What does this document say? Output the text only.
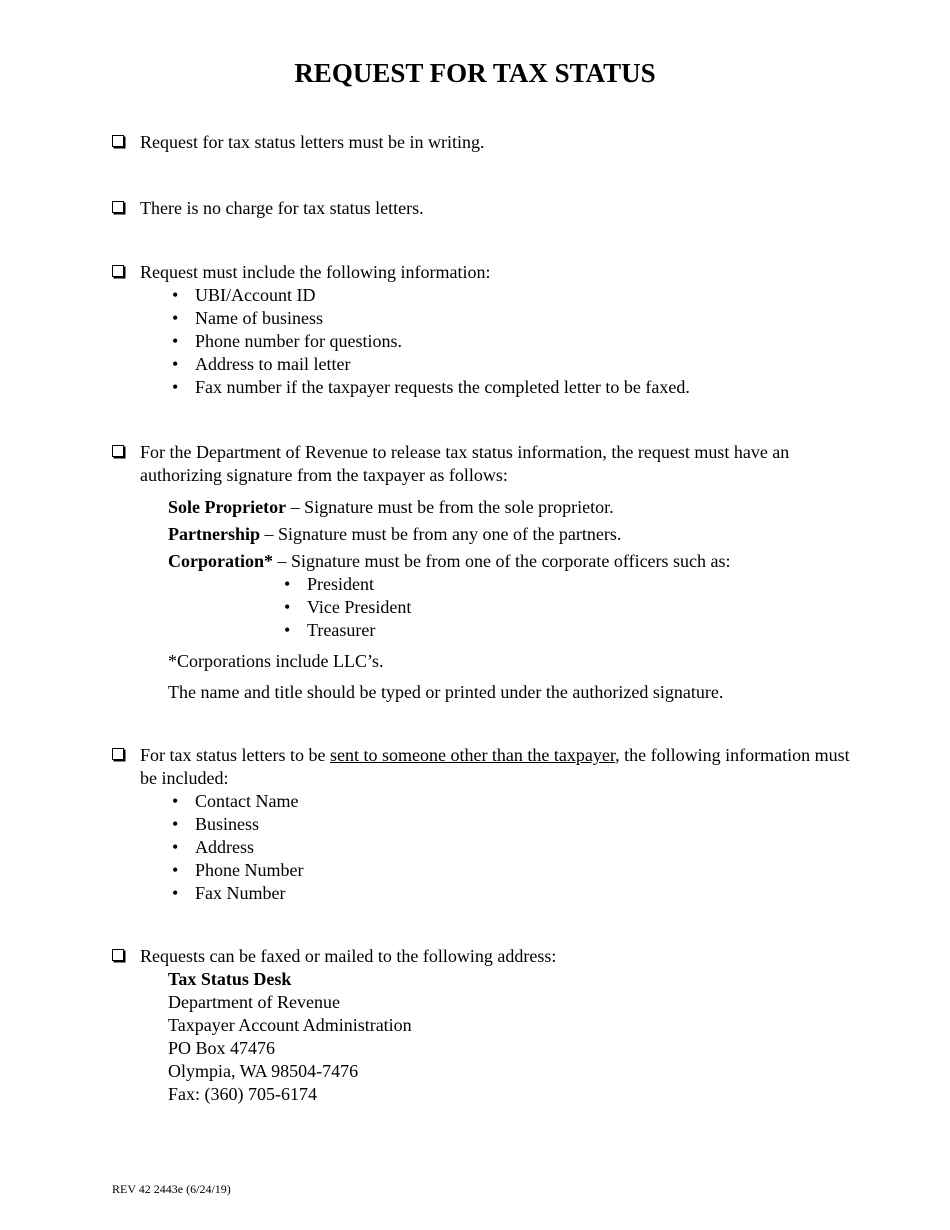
REQUEST FOR TAX STATUS
Request for tax status letters must be in writing.
There is no charge for tax status letters.
Request must include the following information:
• UBI/Account ID
• Name of business
• Phone number for questions.
• Address to mail letter
• Fax number if the taxpayer requests the completed letter to be faxed.
For the Department of Revenue to release tax status information, the request must have an authorizing signature from the taxpayer as follows:
Sole Proprietor – Signature must be from the sole proprietor.
Partnership – Signature must be from any one of the partners.
Corporation* – Signature must be from one of the corporate officers such as:
• President
• Vice President
• Treasurer
*Corporations include LLC’s.
The name and title should be typed or printed under the authorized signature.
For tax status letters to be sent to someone other than the taxpayer, the following information must be included:
• Contact Name
• Business
• Address
• Phone Number
• Fax Number
Requests can be faxed or mailed to the following address:
Tax Status Desk
Department of Revenue
Taxpayer Account Administration
PO Box 47476
Olympia, WA 98504-7476
Fax: (360) 705-6174
REV 42 2443e (6/24/19)
